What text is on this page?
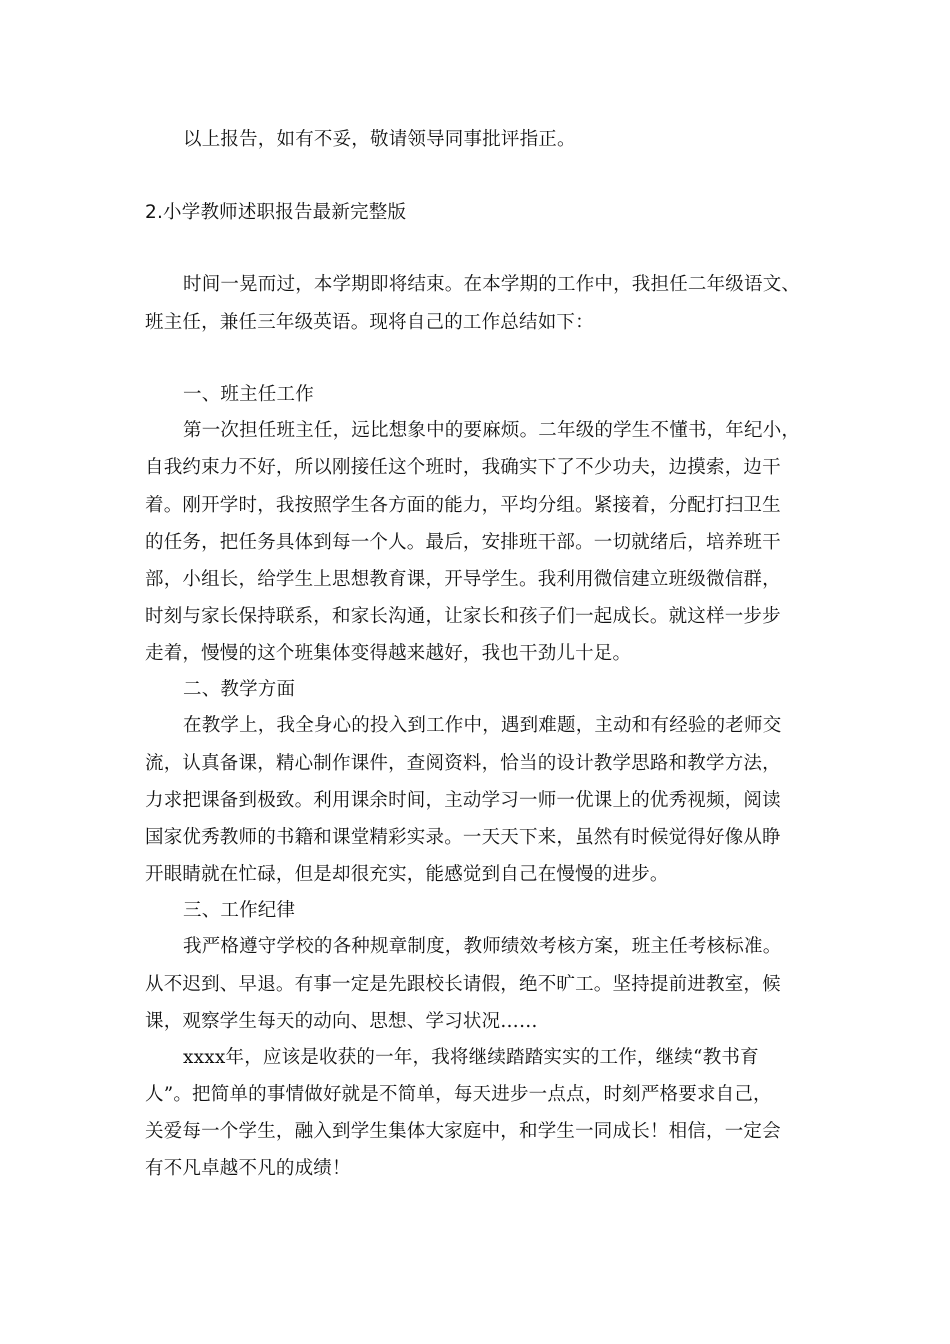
以上报告，如有不妥，敬请领导同事批评指正。
2.小学教师述职报告最新完整版
时间一晃而过，本学期即将结束。在本学期的工作中，我担任二年级语文、
班主任，兼任三年级英语。现将自己的工作总结如下：
一、班主任工作
第一次担任班主任，远比想象中的要麻烦。二年级的学生不懂书，年纪小，
自我约束力不好，所以刚接任这个班时，我确实下了不少功夫，边摸索，边干
着。刚开学时，我按照学生各方面的能力，平均分组。紧接着，分配打扫卫生
的任务，把任务具体到每一个人。最后，安排班干部。一切就绪后，培养班干
部，小组长，给学生上思想教育课，开导学生。我利用微信建立班级微信群，
时刻与家长保持联系，和家长沟通，让家长和孩子们一起成长。就这样一步步
走着，慢慢的这个班集体变得越来越好，我也干劲儿十足。
二、教学方面
在教学上，我全身心的投入到工作中，遇到难题，主动和有经验的老师交
流，认真备课，精心制作课件，查阅资料，恰当的设计教学思路和教学方法，
力求把课备到极致。利用课余时间，主动学习一师一优课上的优秀视频，阅读
国家优秀教师的书籍和课堂精彩实录。一天天下来，虽然有时候觉得好像从睁
开眼睛就在忙碌，但是却很充实，能感觉到自己在慢慢的进步。
三、工作纪律
我严格遵守学校的各种规章制度，教师绩效考核方案，班主任考核标准。
从不迟到、早退。有事一定是先跟校长请假，绝不旷工。坚持提前进教室，候
课，观察学生每天的动向、思想、学习状况……
xxxx年，应该是收获的一年，我将继续踏踏实实的工作，继续“教书育
人”。把简单的事情做好就是不简单，每天进步一点点，时刻严格要求自己，
关爱每一个学生，融入到学生集体大家庭中，和学生一同成长！相信，一定会
有不凡卓越不凡的成绩！
